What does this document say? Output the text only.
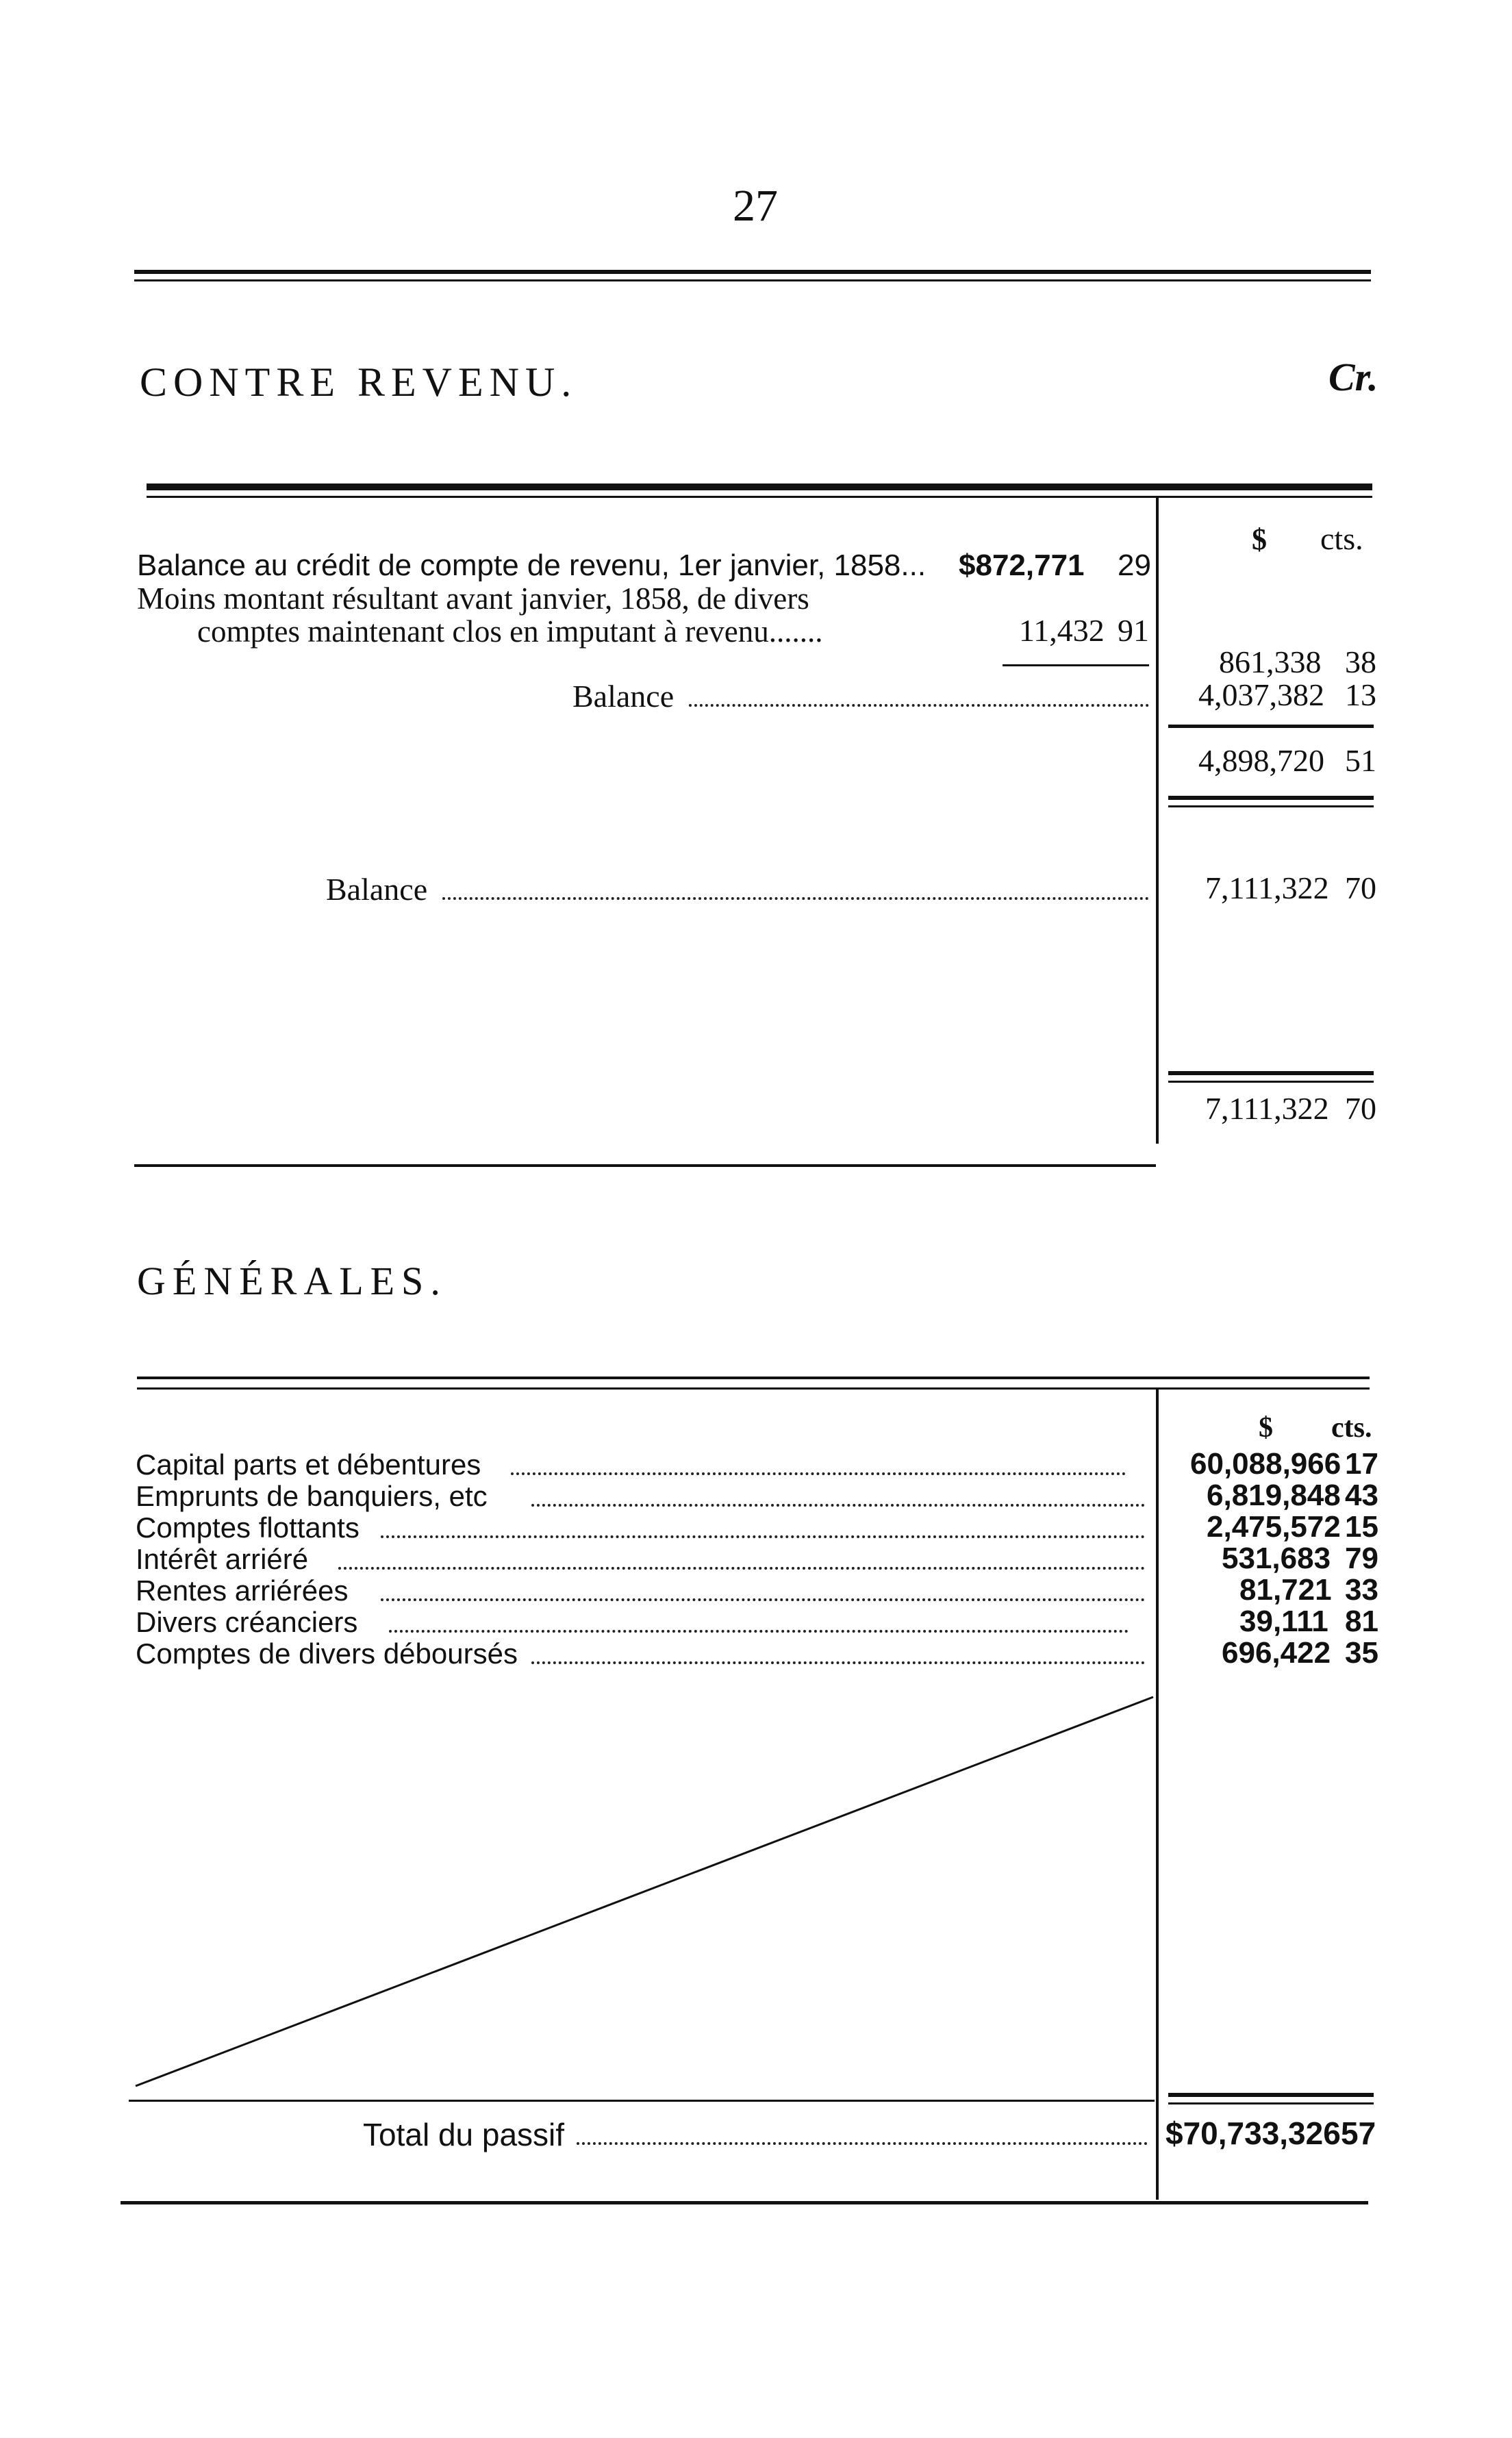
27
CONTRE REVENU.	Cr.
$ cts.
Balance au crédit de compte de revenu, 1er janvier, 1858... $872,771 29
Moins montant résultant avant janvier, 1858, de divers
comptes maintenant clos en imputant à revenu.......	11,432 91
861,338 38
Balance	4,037,382 13
4,898,720 51
Balance	7,111,322 70
7,111,322 70
GÉNÉRALES.
$ cts.
Capital parts et débentures	60,088,966 17
Emprunts de banquiers, etc	6,819,848 43
Comptes flottants	2,475,572 15
Intérêt arriéré	531,683 79
Rentes arriérées	81,721 33
Divers créanciers	39,111 81
Comptes de divers déboursés	696,422 35
Total du passif	$70,733,326 57
